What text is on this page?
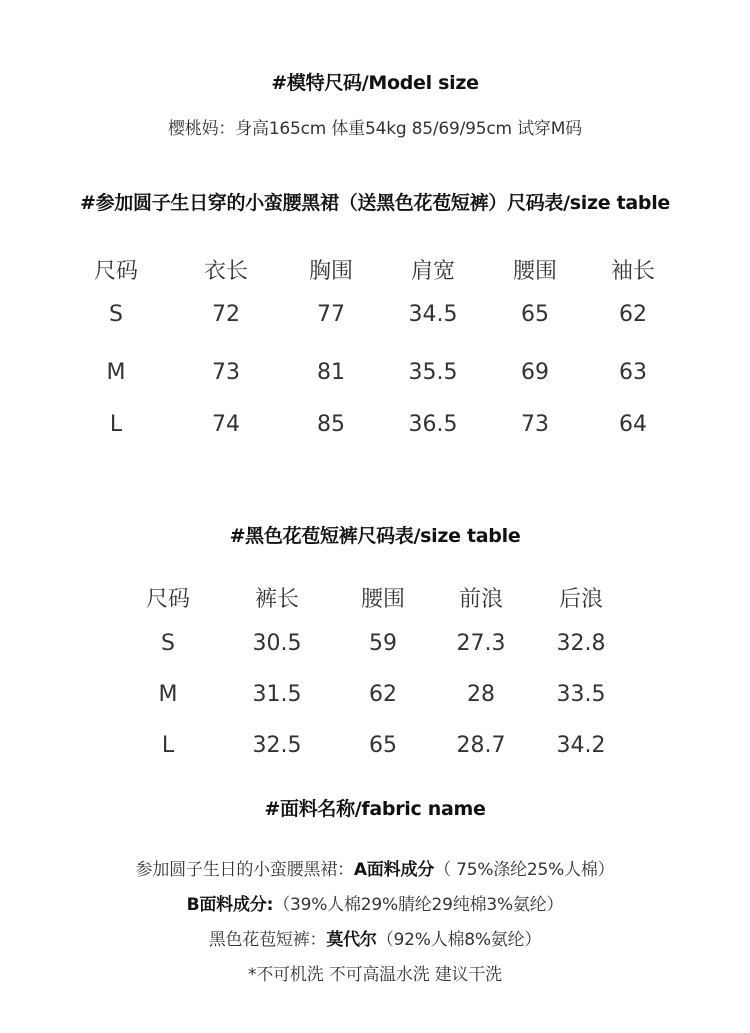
#模特尺码/Model size
樱桃妈：身高165cm 体重54kg 85/69/95cm 试穿M码
#参加圆子生日穿的小蛮腰黑裙（送黑色花苞短裤）尺码表/size table
尺码	衣长	胸围	肩宽	腰围	袖长
S	72	77	34.5	65	62
M	73	81	35.5	69	63
L	74	85	36.5	73	64
#黑色花苞短裤尺码表/size table
尺码	裤长	腰围	前浪	后浪
S	30.5	59	27.3	32.8
M	31.5	62	28	33.5
L	32.5	65	28.7	34.2
#面料名称/fabric name
参加圆子生日的小蛮腰黑裙：A面料成分（ 75%涤纶25%人棉）
B面料成分:（39%人棉29%腈纶29纯棉3%氨纶）
黑色花苞短裤：莫代尔（92%人棉8%氨纶）
*不可机洗 不可高温水洗 建议干洗
